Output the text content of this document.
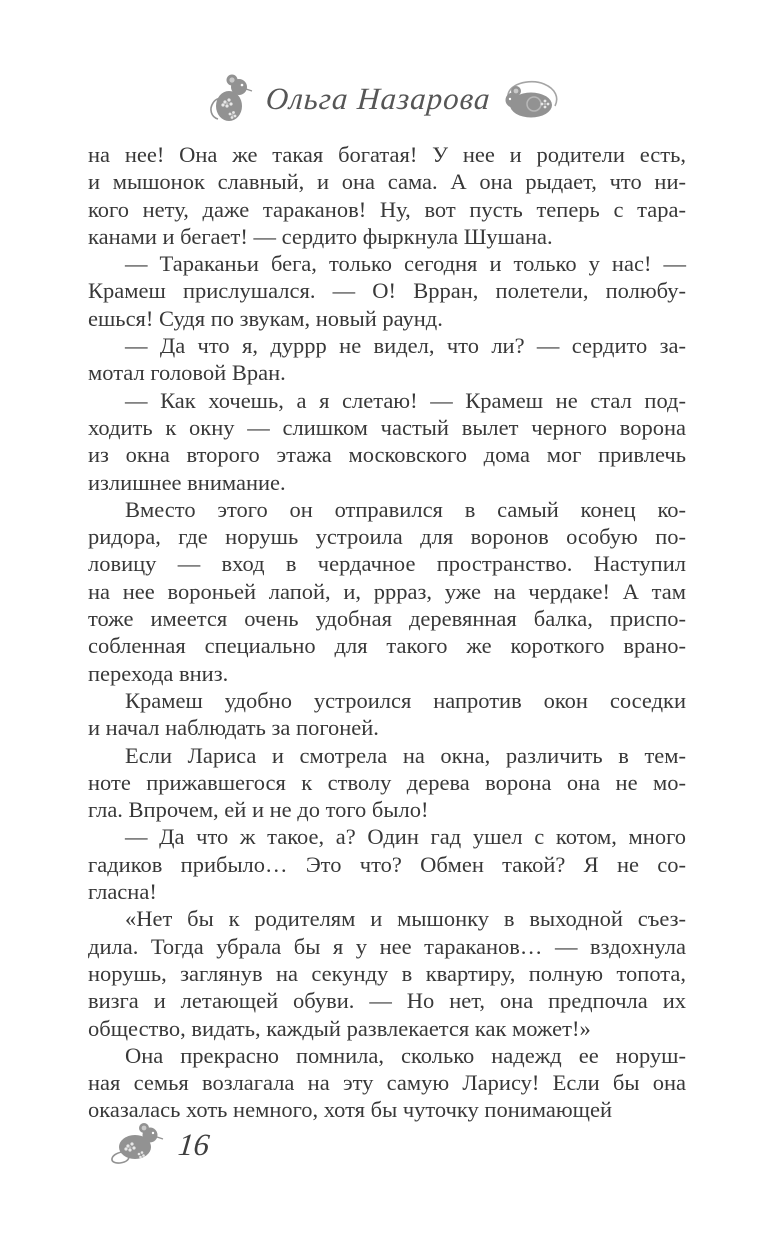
Ольга Назарова
на нее! Она же такая богатая! У нее и родители есть,
и мышонок славный, и она сама. А она рыдает, что ни-
кого нету, даже тараканов! Ну, вот пусть теперь с тара-
канами и бегает! — сердито фыркнула Шушана.
— Тараканьи бега, только сегодня и только у нас! —
Крамеш прислушался. — О! Врран, полетели, полюбу-
ешься! Судя по звукам, новый раунд.
— Да что я, дуррр не видел, что ли? — сердито за-
мотал головой Вран.
— Как хочешь, а я слетаю! — Крамеш не стал под-
ходить к окну — слишком частый вылет черного ворона
из окна второго этажа московского дома мог привлечь
излишнее внимание.
Вместо этого он отправился в самый конец ко-
ридора, где норушь устроила для воронов особую по-
ловицу — вход в чердачное пространство. Наступил
на нее вороньей лапой, и, ррраз, уже на чердаке! А там
тоже имеется очень удобная деревянная балка, приспо-
собленная специально для такого же короткого врано-
перехода вниз.
Крамеш удобно устроился напротив окон соседки
и начал наблюдать за погоней.
Если Лариса и смотрела на окна, различить в тем-
ноте прижавшегося к стволу дерева ворона она не мо-
гла. Впрочем, ей и не до того было!
— Да что ж такое, а? Один гад ушел с котом, много
гадиков прибыло… Это что? Обмен такой? Я не со-
гласна!
«Нет бы к родителям и мышонку в выходной съез-
дила. Тогда убрала бы я у нее тараканов… — вздохнула
норушь, заглянув на секунду в квартиру, полную топота,
визга и летающей обуви. — Но нет, она предпочла их
общество, видать, каждый развлекается как может!»
Она прекрасно помнила, сколько надежд ее норуш-
ная семья возлагала на эту самую Ларису! Если бы она
оказалась хоть немного, хотя бы чуточку понимающей
16
